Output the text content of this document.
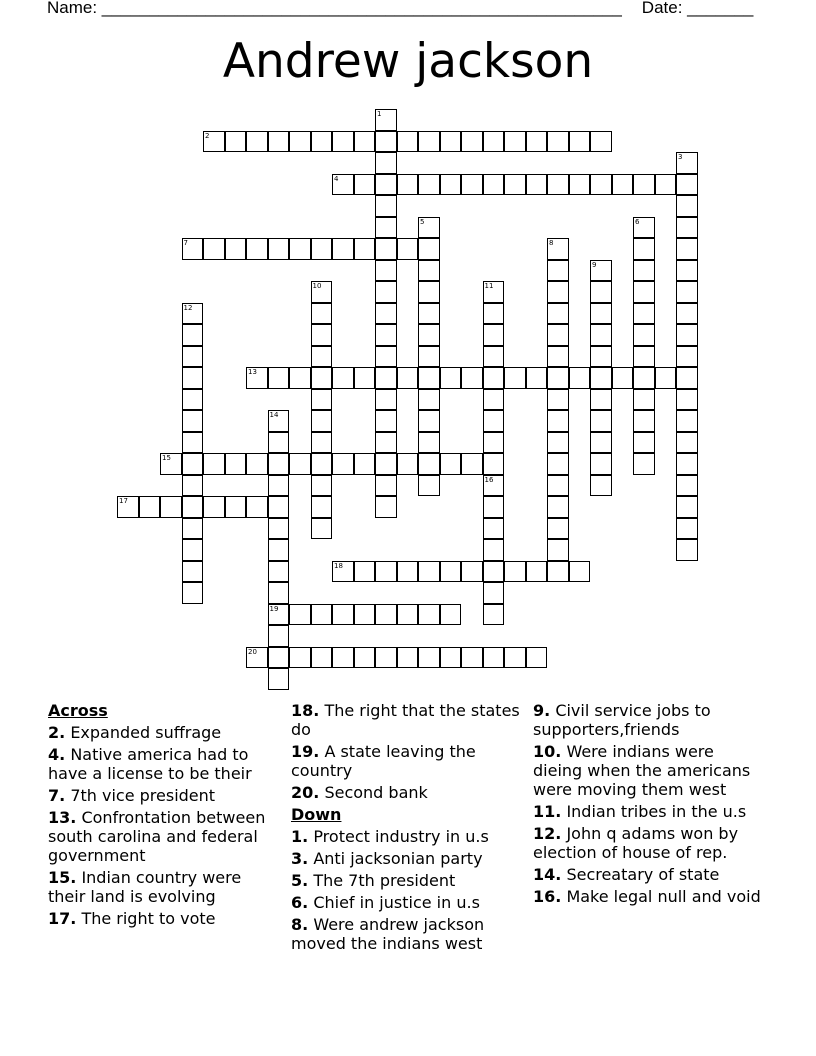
Name: _______________________________________________________ Date: _______
Andrew jackson
1
2
3
4
5	6
7	8
9
10	11
12
13
14
19
15
16
17
18
20
Across
2. Expanded suffrage
4. Native america had to have a license to be their
7. 7th vice president
13. Confrontation between south carolina and federal government
15. Indian country were their land is evolving
17. The right to vote
18. The right that the states do
19. A state leaving the country
20. Second bank
Down
1. Protect industry in u.s
3. Anti jacksonian party
5. The 7th president
6. Chief in justice in u.s
8. Were andrew jackson moved the indians west
9. Civil service jobs to supporters,friends
10. Were indians were dieing when the americans were moving them west
11. Indian tribes in the u.s
12. John q adams won by election of house of rep.
14. Secreatary of state
16. Make legal null and void
